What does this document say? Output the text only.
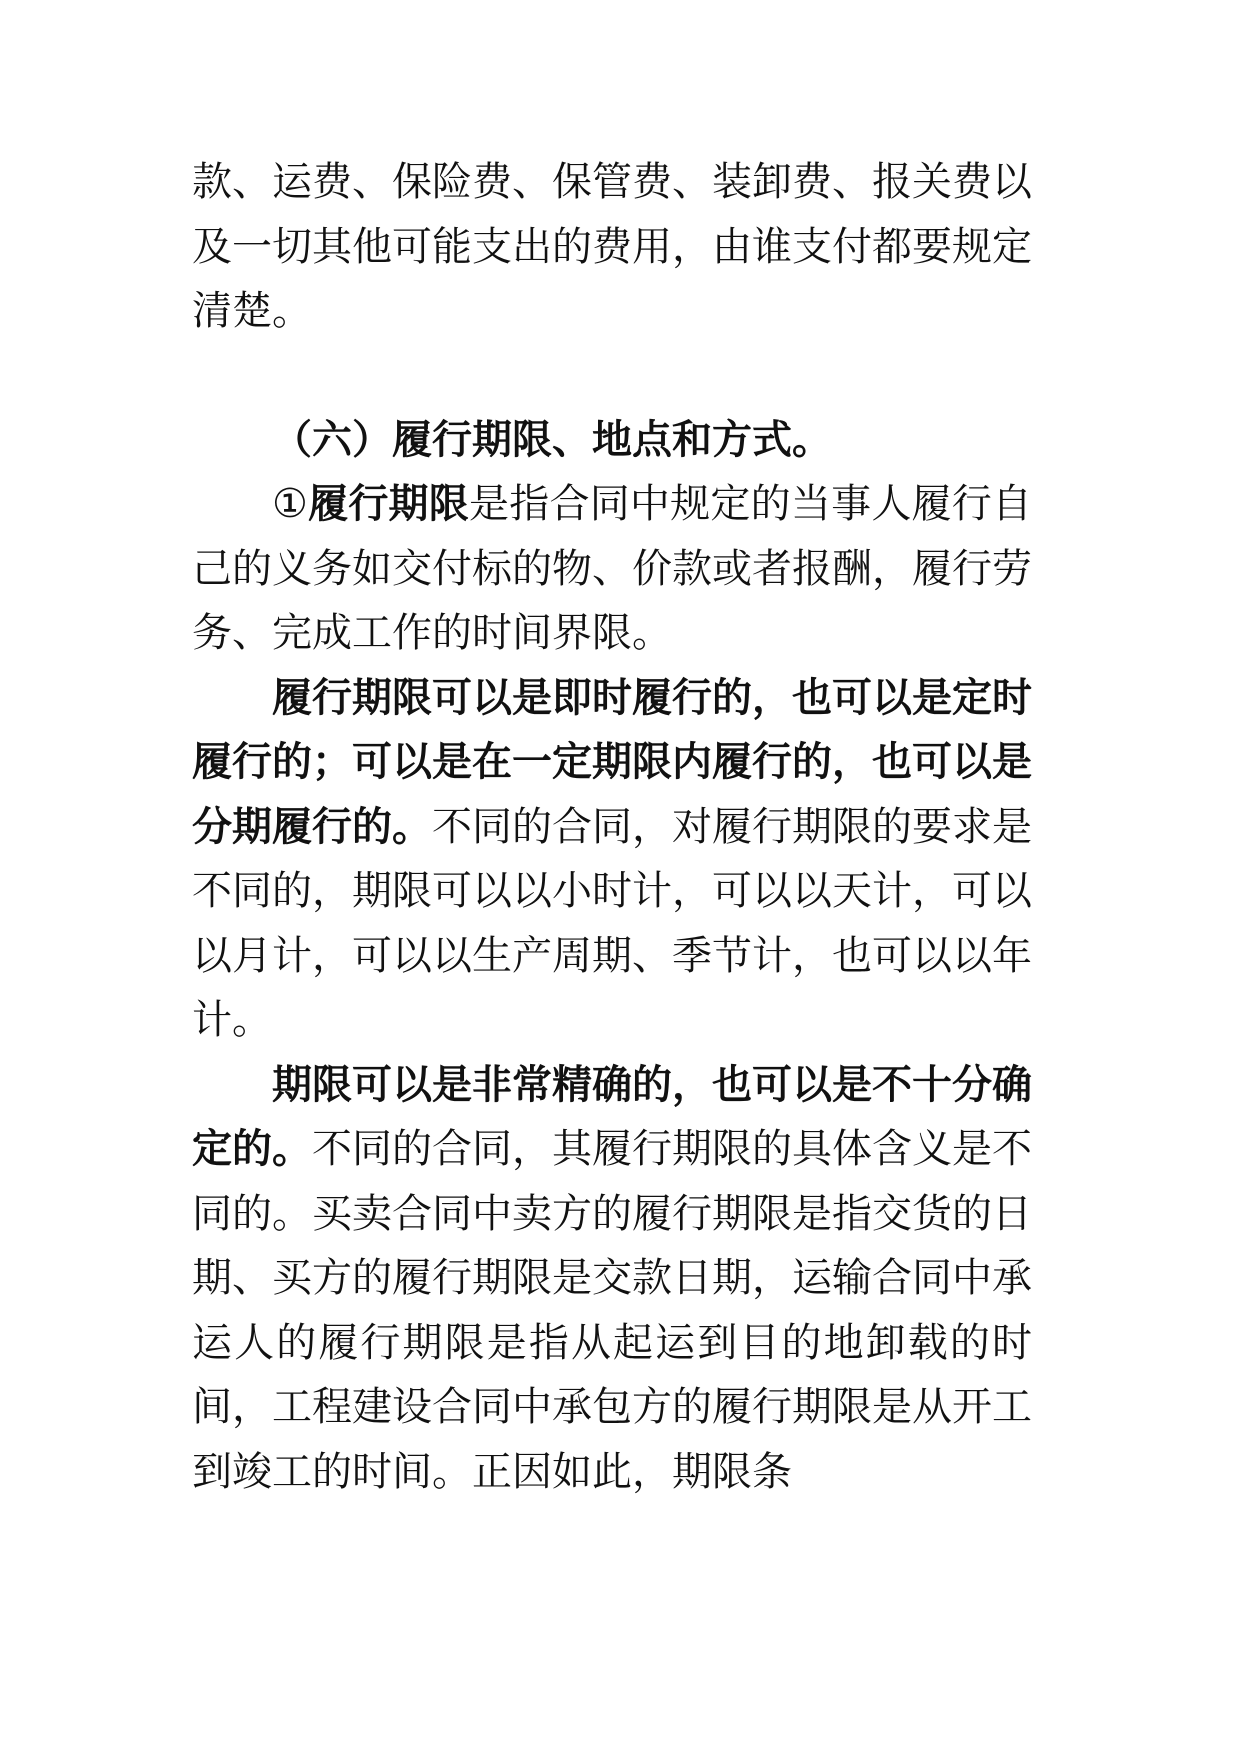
款、运费、保险费、保管费、装卸费、报关费以及一切其他可能支出的费用，由谁支付都要规定清楚。

（六）履行期限、地点和方式。

①履行期限是指合同中规定的当事人履行自己的义务如交付标的物、价款或者报酬，履行劳务、完成工作的时间界限。

履行期限可以是即时履行的，也可以是定时履行的；可以是在一定期限内履行的，也可以是分期履行的。不同的合同，对履行期限的要求是不同的，期限可以以小时计，可以以天计，可以以月计，可以以生产周期、季节计，也可以以年计。

期限可以是非常精确的，也可以是不十分确定的。不同的合同，其履行期限的具体含义是不同的。买卖合同中卖方的履行期限是指交货的日期、买方的履行期限是交款日期，运输合同中承运人的履行期限是指从起运到目的地卸载的时间，工程建设合同中承包方的履行期限是从开工到竣工的时间。正因如此，期限条
